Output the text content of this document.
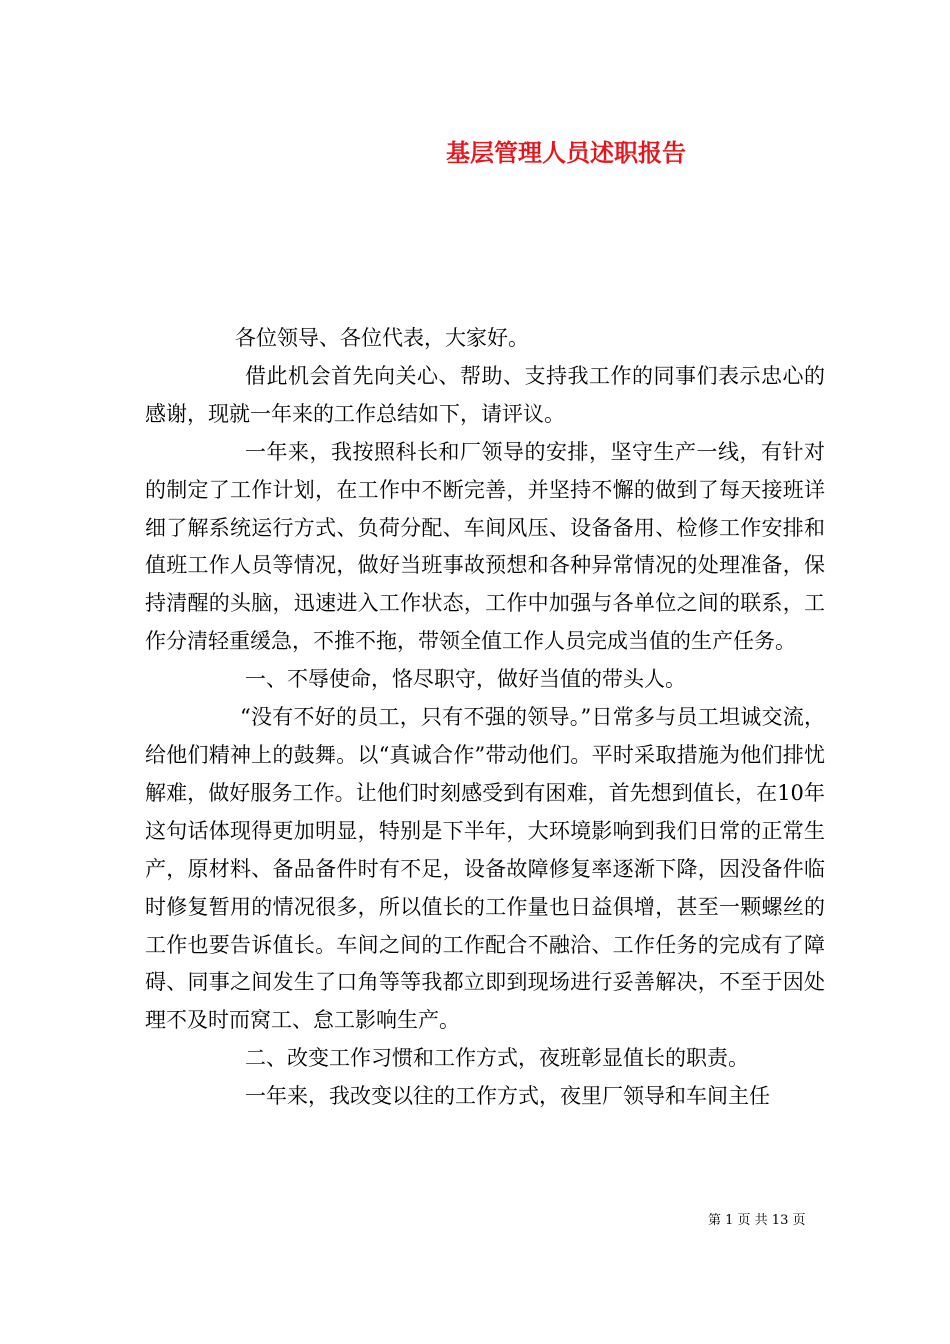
基层管理人员述职报告

各位领导、各位代表，大家好。

借此机会首先向关心、帮助、支持我工作的同事们表示忠心的感谢，现就一年来的工作总结如下，请评议。

一年来，我按照科长和厂领导的安排，坚守生产一线，有针对的制定了工作计划，在工作中不断完善，并坚持不懈的做到了每天接班详细了解系统运行方式、负荷分配、车间风压、设备备用、检修工作安排和值班工作人员等情况，做好当班事故预想和各种异常情况的处理准备，保持清醒的头脑，迅速进入工作状态，工作中加强与各单位之间的联系，工作分清轻重缓急，不推不拖，带领全值工作人员完成当值的生产任务。

一、不辱使命，恪尽职守，做好当值的带头人。

“没有不好的员工，只有不强的领导。”日常多与员工坦诚交流，给他们精神上的鼓舞。以“真诚合作”带动他们。平时采取措施为他们排忧解难，做好服务工作。让他们时刻感受到有困难，首先想到值长，在10年这句话体现得更加明显，特别是下半年，大环境影响到我们日常的正常生产，原材料、备品备件时有不足，设备故障修复率逐渐下降，因没备件临时修复暂用的情况很多，所以值长的工作量也日益俱增，甚至一颗螺丝的工作也要告诉值长。车间之间的工作配合不融洽、工作任务的完成有了障碍、同事之间发生了口角等等我都立即到现场进行妥善解决，不至于因处理不及时而窝工、怠工影响生产。

二、改变工作习惯和工作方式，夜班彰显值长的职责。

一年来，我改变以往的工作方式，夜里厂领导和车间主任

第 1 页 共 13 页
